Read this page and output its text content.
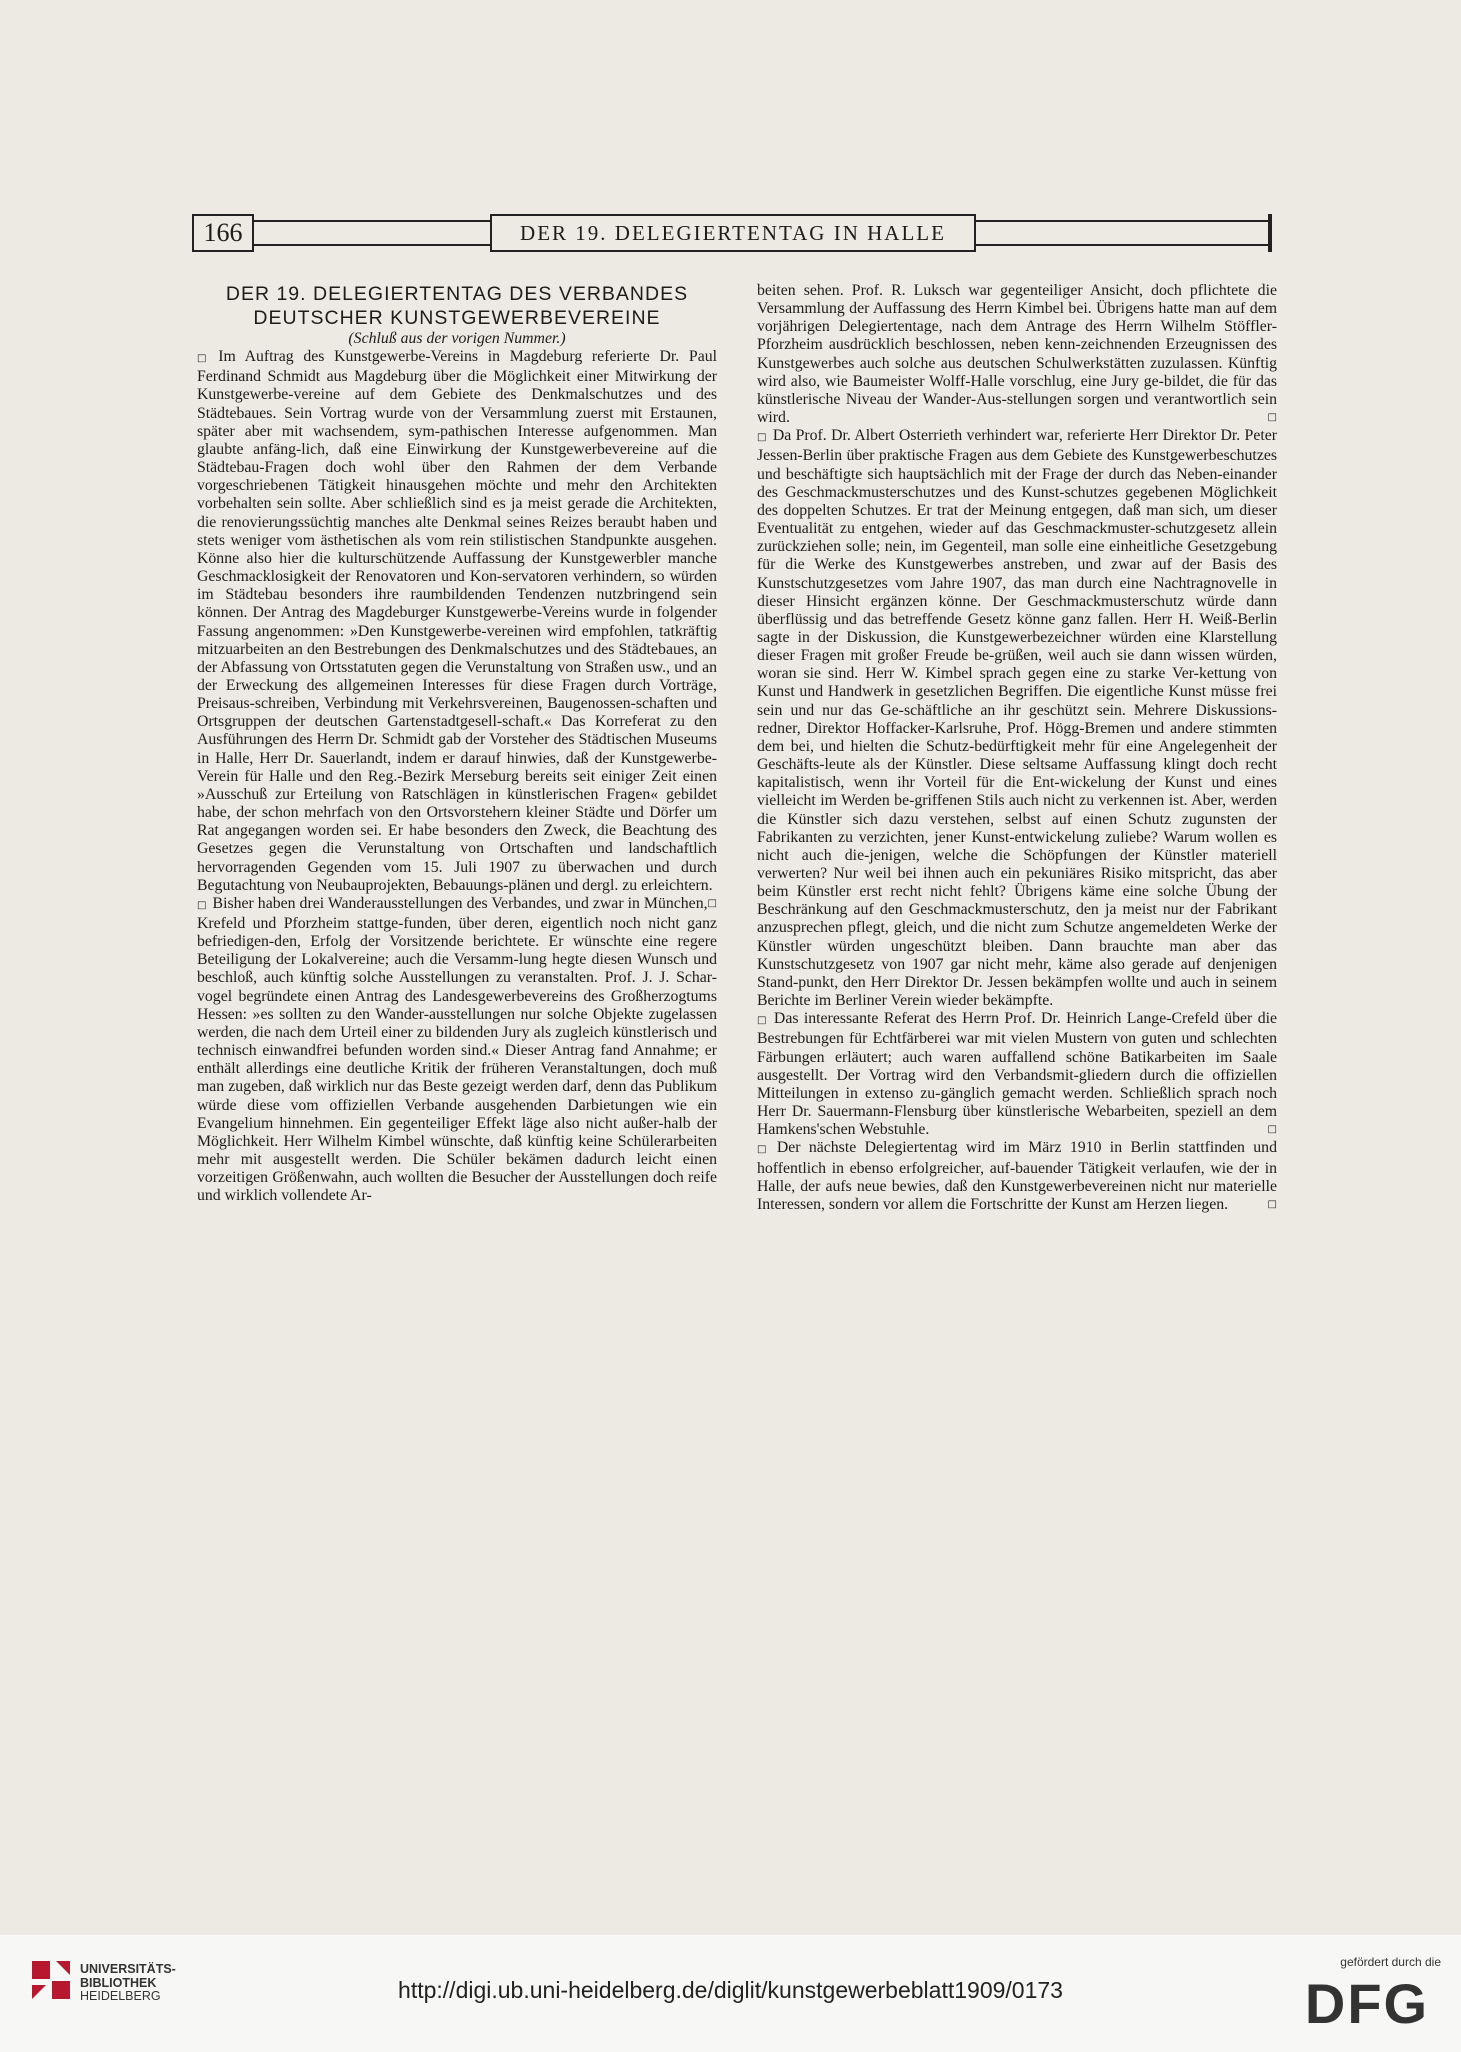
166	DER 19. DELEGIERTENTAG IN HALLE

DER 19. DELEGIERTENTAG DES VERBANDES

DEUTSCHER KUNSTGEWERBEVEREINE

(Schluß aus der vorigen Nummer.)

□ Im Auftrag des Kunstgewerbe-Vereins in Magdeburg referierte Dr. Paul Ferdinand Schmidt aus Magdeburg über die Möglichkeit einer Mitwirkung der Kunstgewerbe-vereine auf dem Gebiete des Denkmalschutzes und des Städtebaues. Sein Vortrag wurde von der Versammlung zuerst mit Erstaunen, später aber mit wachsendem, sym-pathischen Interesse aufgenommen. Man glaubte anfäng-lich, daß eine Einwirkung der Kunstgewerbevereine auf die Städtebau-Fragen doch wohl über den Rahmen der dem Verbande vorgeschriebenen Tätigkeit hinausgehen möchte und mehr den Architekten vorbehalten sein sollte. Aber schließlich sind es ja meist gerade die Architekten, die renovierungssüchtig manches alte Denkmal seines Reizes beraubt haben und stets weniger vom ästhetischen als vom rein stilistischen Standpunkte ausgehen. Könne also hier die kulturschützende Auffassung der Kunstgewerbler manche Geschmacklosigkeit der Renovatoren und Kon-servatoren verhindern, so würden im Städtebau besonders ihre raumbildenden Tendenzen nutzbringend sein können. Der Antrag des Magdeburger Kunstgewerbe-Vereins wurde in folgender Fassung angenommen: »Den Kunstgewerbe-vereinen wird empfohlen, tatkräftig mitzuarbeiten an den Bestrebungen des Denkmalschutzes und des Städtebaues, an der Abfassung von Ortsstatuten gegen die Verunstaltung von Straßen usw., und an der Erweckung des allgemeinen Interesses für diese Fragen durch Vorträge, Preisaus-schreiben, Verbindung mit Verkehrsvereinen, Baugenossen-schaften und Ortsgruppen der deutschen Gartenstadtgesell-schaft.« Das Korreferat zu den Ausführungen des Herrn Dr. Schmidt gab der Vorsteher des Städtischen Museums in Halle, Herr Dr. Sauerlandt, indem er darauf hinwies, daß der Kunstgewerbe-Verein für Halle und den Reg.-Bezirk Merseburg bereits seit einiger Zeit einen »Ausschuß zur Erteilung von Ratschlägen in künstlerischen Fragen« gebildet habe, der schon mehrfach von den Ortsvorstehern kleiner Städte und Dörfer um Rat angegangen worden sei. Er habe besonders den Zweck, die Beachtung des Gesetzes gegen die Verunstaltung von Ortschaften und landschaftlich hervorragenden Gegenden vom 15. Juli 1907 zu überwachen und durch Begutachtung von Neubauprojekten, Bebauungs-plänen und dergl. zu erleichtern.
□

□ Bisher haben drei Wanderausstellungen des Verbandes, und zwar in München, Krefeld und Pforzheim stattge-funden, über deren, eigentlich noch nicht ganz befriedigen-den, Erfolg der Vorsitzende berichtete. Er wünschte eine regere Beteiligung der Lokalvereine; auch die Versamm-lung hegte diesen Wunsch und beschloß, auch künftig solche Ausstellungen zu veranstalten. Prof. J. J. Schar-vogel begründete einen Antrag des Landesgewerbevereins des Großherzogtums Hessen: »es sollten zu den Wander-ausstellungen nur solche Objekte zugelassen werden, die nach dem Urteil einer zu bildenden Jury als zugleich künstlerisch und technisch einwandfrei befunden worden sind.« Dieser Antrag fand Annahme; er enthält allerdings eine deutliche Kritik der früheren Veranstaltungen, doch muß man zugeben, daß wirklich nur das Beste gezeigt werden darf, denn das Publikum würde diese vom offiziellen Verbande ausgehenden Darbietungen wie ein Evangelium hinnehmen. Ein gegenteiliger Effekt läge also nicht außer-halb der Möglichkeit. Herr Wilhelm Kimbel wünschte, daß künftig keine Schülerarbeiten mehr mit ausgestellt werden. Die Schüler bekämen dadurch leicht einen vorzeitigen Größenwahn, auch wollten die Besucher der Ausstellungen doch reife und wirklich vollendete Ar-

beiten sehen. Prof. R. Luksch war gegenteiliger Ansicht, doch pflichtete die Versammlung der Auffassung des Herrn Kimbel bei. Übrigens hatte man auf dem vorjährigen Delegiertentage, nach dem Antrage des Herrn Wilhelm Stöffler-Pforzheim ausdrücklich beschlossen, neben kenn-zeichnenden Erzeugnissen des Kunstgewerbes auch solche aus deutschen Schulwerkstätten zuzulassen. Künftig wird also, wie Baumeister Wolff-Halle vorschlug, eine Jury ge-bildet, die für das künstlerische Niveau der Wander-Aus-stellungen sorgen und verantwortlich sein wird.	□

□ Da Prof. Dr. Albert Osterrieth verhindert war, referierte Herr Direktor Dr. Peter Jessen-Berlin über praktische Fragen aus dem Gebiete des Kunstgewerbeschutzes und beschäftigte sich hauptsächlich mit der Frage der durch das Neben-einander des Geschmackmusterschutzes und des Kunst-schutzes gegebenen Möglichkeit des doppelten Schutzes. Er trat der Meinung entgegen, daß man sich, um dieser Eventualität zu entgehen, wieder auf das Geschmackmuster-schutzgesetz allein zurückziehen solle; nein, im Gegenteil, man solle eine einheitliche Gesetzgebung für die Werke des Kunstgewerbes anstreben, und zwar auf der Basis des Kunstschutzgesetzes vom Jahre 1907, das man durch eine Nachtragnovelle in dieser Hinsicht ergänzen könne. Der Geschmackmusterschutz würde dann überflüssig und das betreffende Gesetz könne ganz fallen. Herr H. Weiß-Berlin sagte in der Diskussion, die Kunstgewerbezeichner würden eine Klarstellung dieser Fragen mit großer Freude be-grüßen, weil auch sie dann wissen würden, woran sie sind. Herr W. Kimbel sprach gegen eine zu starke Ver-kettung von Kunst und Handwerk in gesetzlichen Begriffen. Die eigentliche Kunst müsse frei sein und nur das Ge-schäftliche an ihr geschützt sein. Mehrere Diskussions-redner, Direktor Hoffacker-Karlsruhe, Prof. Högg-Bremen und andere stimmten dem bei, und hielten die Schutz-bedürftigkeit mehr für eine Angelegenheit der Geschäfts-leute als der Künstler. Diese seltsame Auffassung klingt doch recht kapitalistisch, wenn ihr Vorteil für die Ent-wickelung der Kunst und eines vielleicht im Werden be-griffenen Stils auch nicht zu verkennen ist. Aber, werden die Künstler sich dazu verstehen, selbst auf einen Schutz zugunsten der Fabrikanten zu verzichten, jener Kunst-entwickelung zuliebe? Warum wollen es nicht auch die-jenigen, welche die Schöpfungen der Künstler materiell verwerten? Nur weil bei ihnen auch ein pekuniäres Risiko mitspricht, das aber beim Künstler erst recht nicht fehlt? Übrigens käme eine solche Übung der Beschränkung auf den Geschmackmusterschutz, den ja meist nur der Fabrikant anzusprechen pflegt, gleich, und die nicht zum Schutze angemeldeten Werke der Künstler würden ungeschützt bleiben. Dann brauchte man aber das Kunstschutzgesetz von 1907 gar nicht mehr, käme also gerade auf denjenigen Stand-punkt, den Herr Direktor Dr. Jessen bekämpfen wollte und auch in seinem Berichte im Berliner Verein wieder bekämpfte.

□ Das interessante Referat des Herrn Prof. Dr. Heinrich Lange-Crefeld über die Bestrebungen für Echtfärberei war mit vielen Mustern von guten und schlechten Färbungen erläutert; auch waren auffallend schöne Batikarbeiten im Saale ausgestellt. Der Vortrag wird den Verbandsmit-gliedern durch die offiziellen Mitteilungen in extenso zu-gänglich gemacht werden. Schließlich sprach noch Herr Dr. Sauermann-Flensburg über künstlerische Webarbeiten, speziell an dem Hamkens'schen Webstuhle.	□

□ Der nächste Delegiertentag wird im März 1910 in Berlin stattfinden und hoffentlich in ebenso erfolgreicher, auf-bauender Tätigkeit verlaufen, wie der in Halle, der aufs neue bewies, daß den Kunstgewerbevereinen nicht nur materielle Interessen, sondern vor allem die Fortschritte der Kunst am Herzen liegen.	□

UNIVERSITÄTS-
BIBLIOTHEK
HEIDELBERG	http://digi.ub.uni-heidelberg.de/diglit/kunstgewerbeblatt1909/0173
gefördert durch die
DFG
